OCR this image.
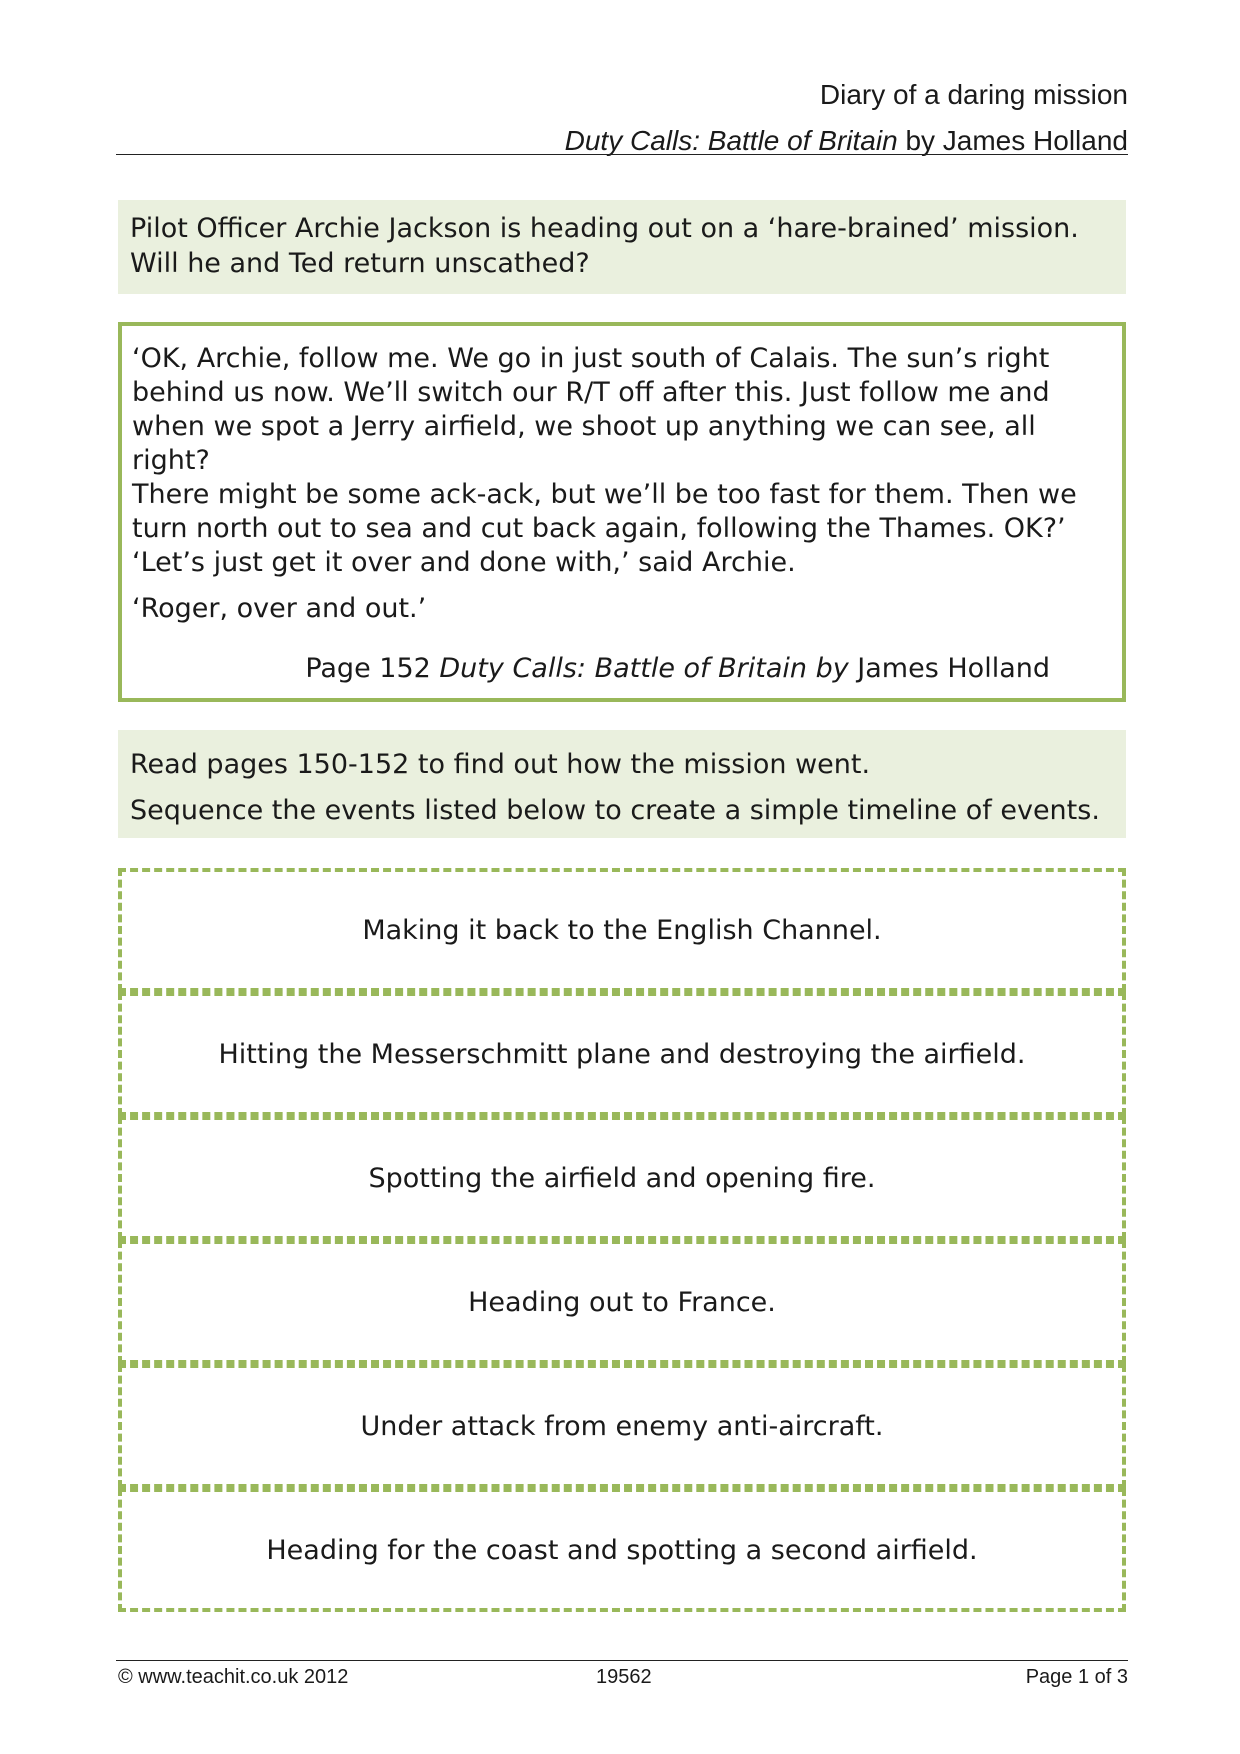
Diary of a daring mission
Duty Calls: Battle of Britain by James Holland
Pilot Officer Archie Jackson is heading out on a ‘hare-brained’ mission.
Will he and Ted return unscathed?

‘OK, Archie, follow me. We go in just south of Calais. The sun’s right

behind us now. We’ll switch our R/T off after this. Just follow me and

when we spot a Jerry airfield, we shoot up anything we can see, all right?

There might be some ack-ack, but we’ll be too fast for them. Then we

turn north out to sea and cut back again, following the Thames. OK?’

‘Let’s just get it over and done with,’ said Archie.

‘Roger, over and out.’

Page 152 Duty Calls: Battle of Britain by James Holland
Read pages 150-152 to find out how the mission went.
Sequence the events listed below to create a simple timeline of events.
Making it back to the English Channel.
Hitting the Messerschmitt plane and destroying the airfield.
Spotting the airfield and opening fire.
Heading out to France.
Under attack from enemy anti-aircraft.
Heading for the coast and spotting a second airfield.
© www.teachit.co.uk 2012	19562	Page 1 of 3
